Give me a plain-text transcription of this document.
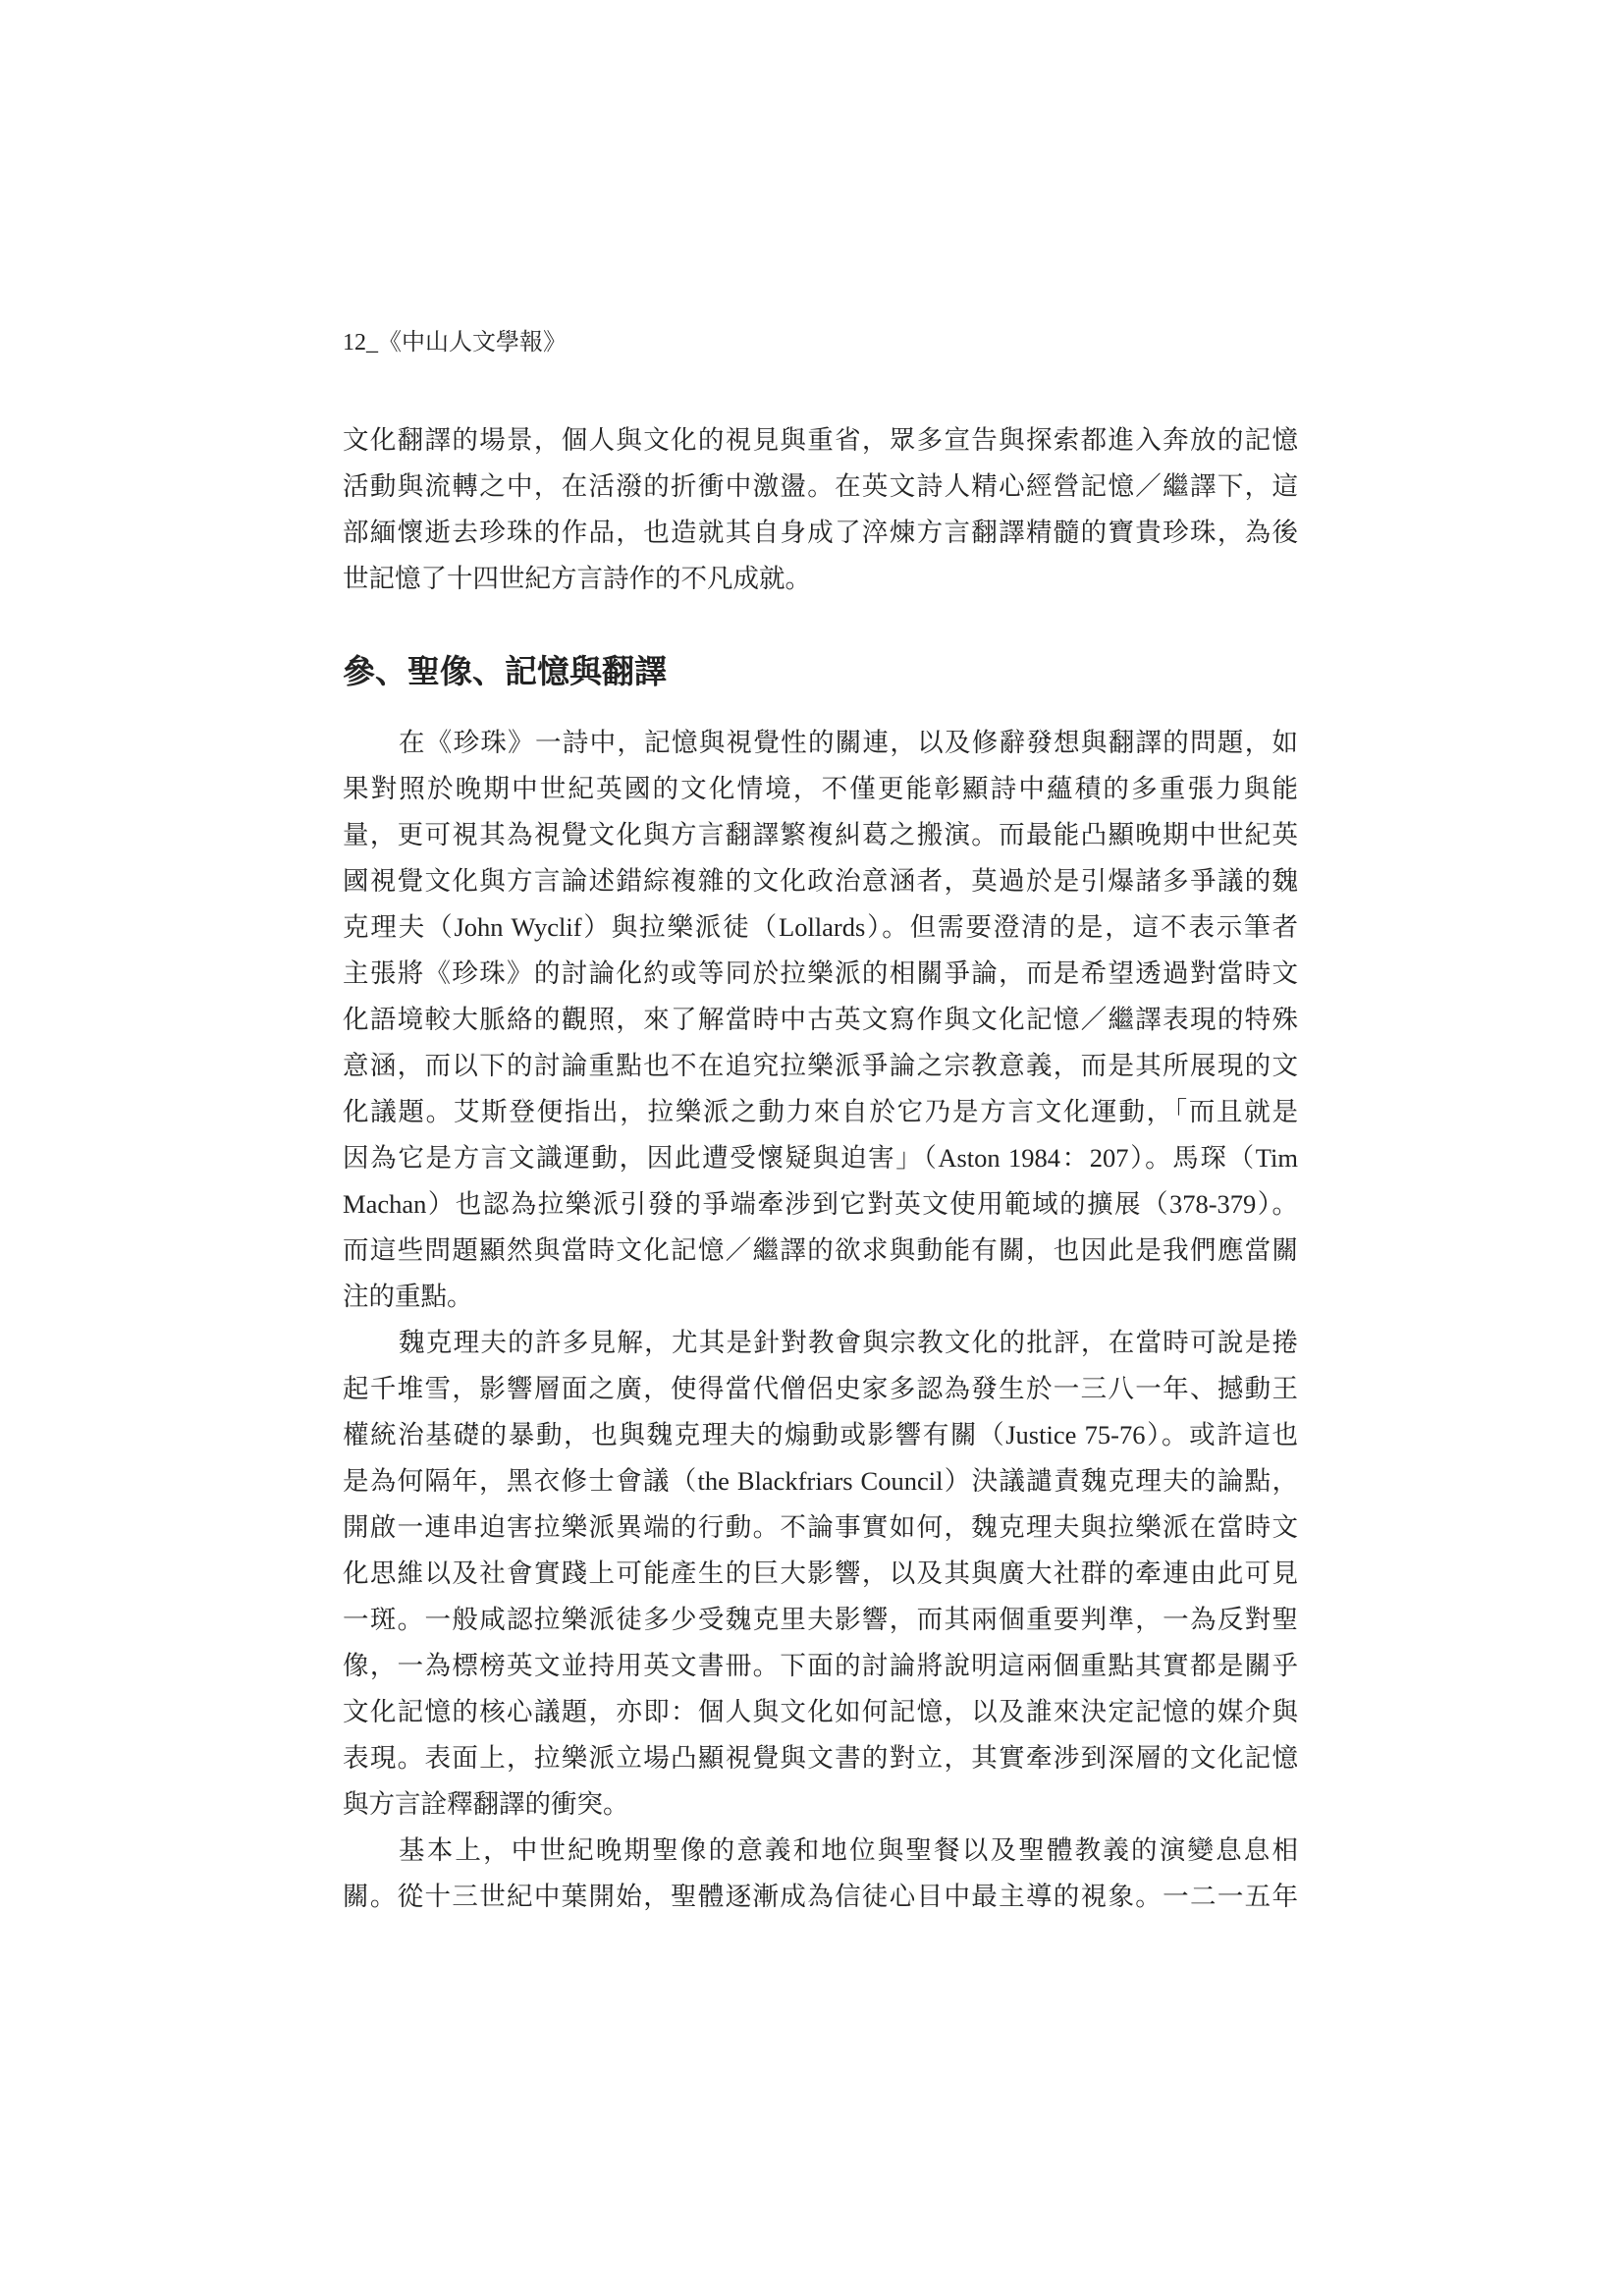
12_《中山人文學報》
文化翻譯的場景，個人與文化的視見與重省，眾多宣告與探索都進入奔放的記憶
活動與流轉之中，在活潑的折衝中激盪。在英文詩人精心經營記憶／繼譯下，這
部緬懷逝去珍珠的作品，也造就其自身成了淬煉方言翻譯精髓的寶貴珍珠，為後
世記憶了十四世紀方言詩作的不凡成就。
參、聖像、記憶與翻譯
在《珍珠》一詩中，記憶與視覺性的關連，以及修辭發想與翻譯的問題，如
果對照於晚期中世紀英國的文化情境，不僅更能彰顯詩中蘊積的多重張力與能
量，更可視其為視覺文化與方言翻譯繁複糾葛之搬演。而最能凸顯晚期中世紀英
國視覺文化與方言論述錯綜複雜的文化政治意涵者，莫過於是引爆諸多爭議的魏
克理夫（John Wyclif）與拉樂派徒（Lollards）。但需要澄清的是，這不表示筆者
主張將《珍珠》的討論化約或等同於拉樂派的相關爭論，而是希望透過對當時文
化語境較大脈絡的觀照，來了解當時中古英文寫作與文化記憶／繼譯表現的特殊
意涵，而以下的討論重點也不在追究拉樂派爭論之宗教意義，而是其所展現的文
化議題。艾斯登便指出，拉樂派之動力來自於它乃是方言文化運動，「而且就是
因為它是方言文識運動，因此遭受懷疑與迫害」（Aston 1984：207）。馬琛（Tim
Machan）也認為拉樂派引發的爭端牽涉到它對英文使用範域的擴展（378-379）。
而這些問題顯然與當時文化記憶／繼譯的欲求與動能有關，也因此是我們應當關
注的重點。
魏克理夫的許多見解，尤其是針對教會與宗教文化的批評，在當時可說是捲
起千堆雪，影響層面之廣，使得當代僧侶史家多認為發生於一三八一年、撼動王
權統治基礎的暴動，也與魏克理夫的煽動或影響有關（Justice 75-76）。或許這也
是為何隔年，黑衣修士會議（the Blackfriars Council）決議譴責魏克理夫的論點，
開啟一連串迫害拉樂派異端的行動。不論事實如何，魏克理夫與拉樂派在當時文
化思維以及社會實踐上可能產生的巨大影響，以及其與廣大社群的牽連由此可見
一斑。一般咸認拉樂派徒多少受魏克里夫影響，而其兩個重要判準，一為反對聖
像，一為標榜英文並持用英文書冊。下面的討論將說明這兩個重點其實都是關乎
文化記憶的核心議題，亦即：個人與文化如何記憶，以及誰來決定記憶的媒介與
表現。表面上，拉樂派立場凸顯視覺與文書的對立，其實牽涉到深層的文化記憶
與方言詮釋翻譯的衝突。
基本上，中世紀晚期聖像的意義和地位與聖餐以及聖體教義的演變息息相
關。從十三世紀中葉開始，聖體逐漸成為信徒心目中最主導的視象。一二一五年
